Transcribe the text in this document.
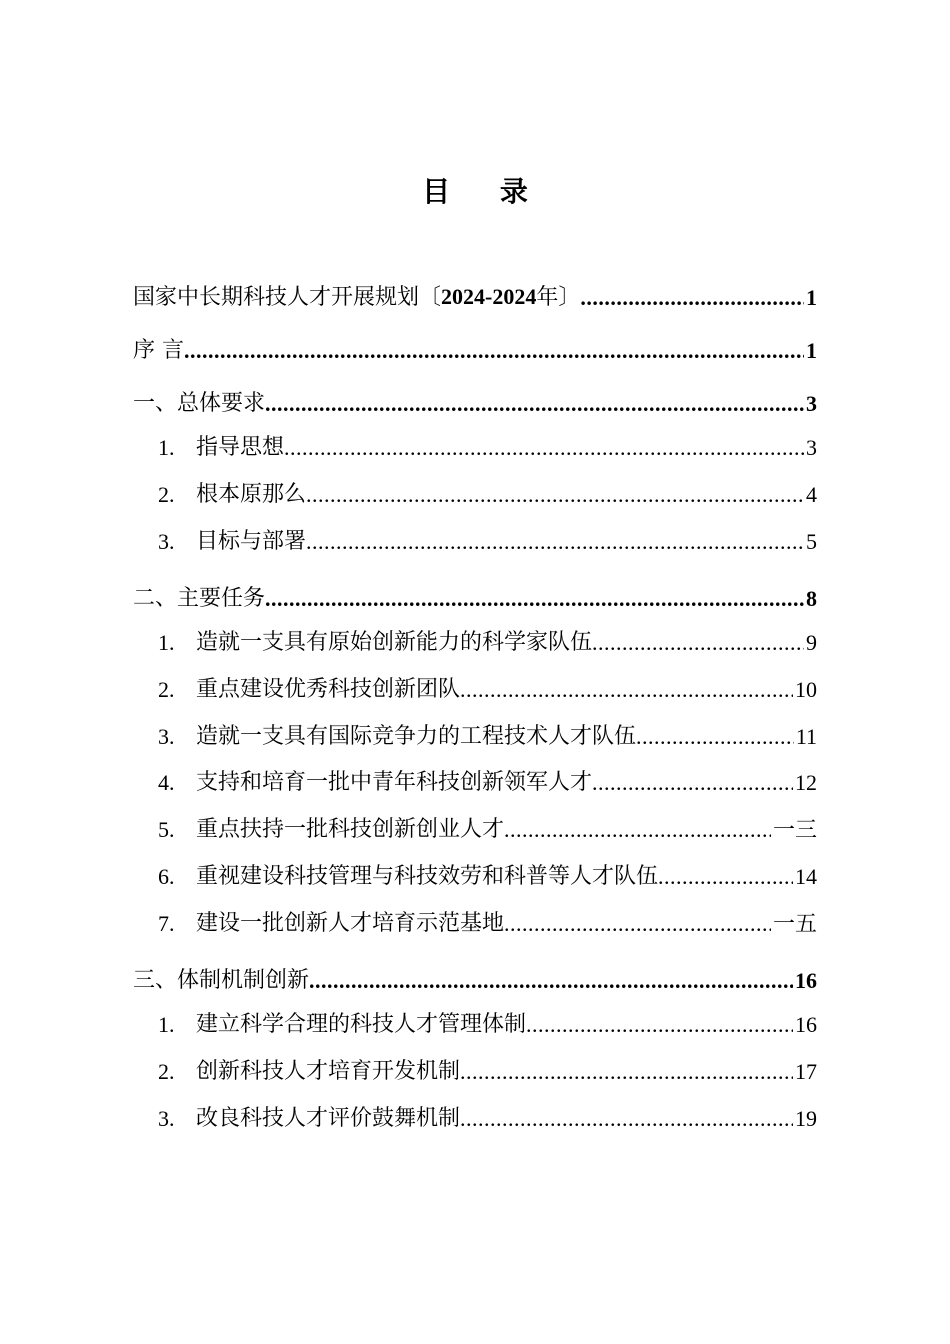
目 录
国家中长期科技人才开展规划〔2024-2024年〕 .....	1
序 言 .....	1
一、总体要求 .....	3
1. 指导思想 .....	3
2. 根本原那么 .....	4
3. 目标与部署 .....	5
二、主要任务 .....	8
1. 造就一支具有原始创新能力的科学家队伍 .....	9
2. 重点建设优秀科技创新团队 .....	10
3. 造就一支具有国际竞争力的工程技术人才队伍 .....	11
4. 支持和培育一批中青年科技创新领军人才 .....	12
5. 重点扶持一批科技创新创业人才 .....	一三
6. 重视建设科技管理与科技效劳和科普等人才队伍 .....	14
7. 建设一批创新人才培育示范基地 .....	一五
三、体制机制创新 .....	16
1. 建立科学合理的科技人才管理体制 .....	16
2. 创新科技人才培育开发机制 .....	17
3. 改良科技人才评价鼓舞机制 .....	19
